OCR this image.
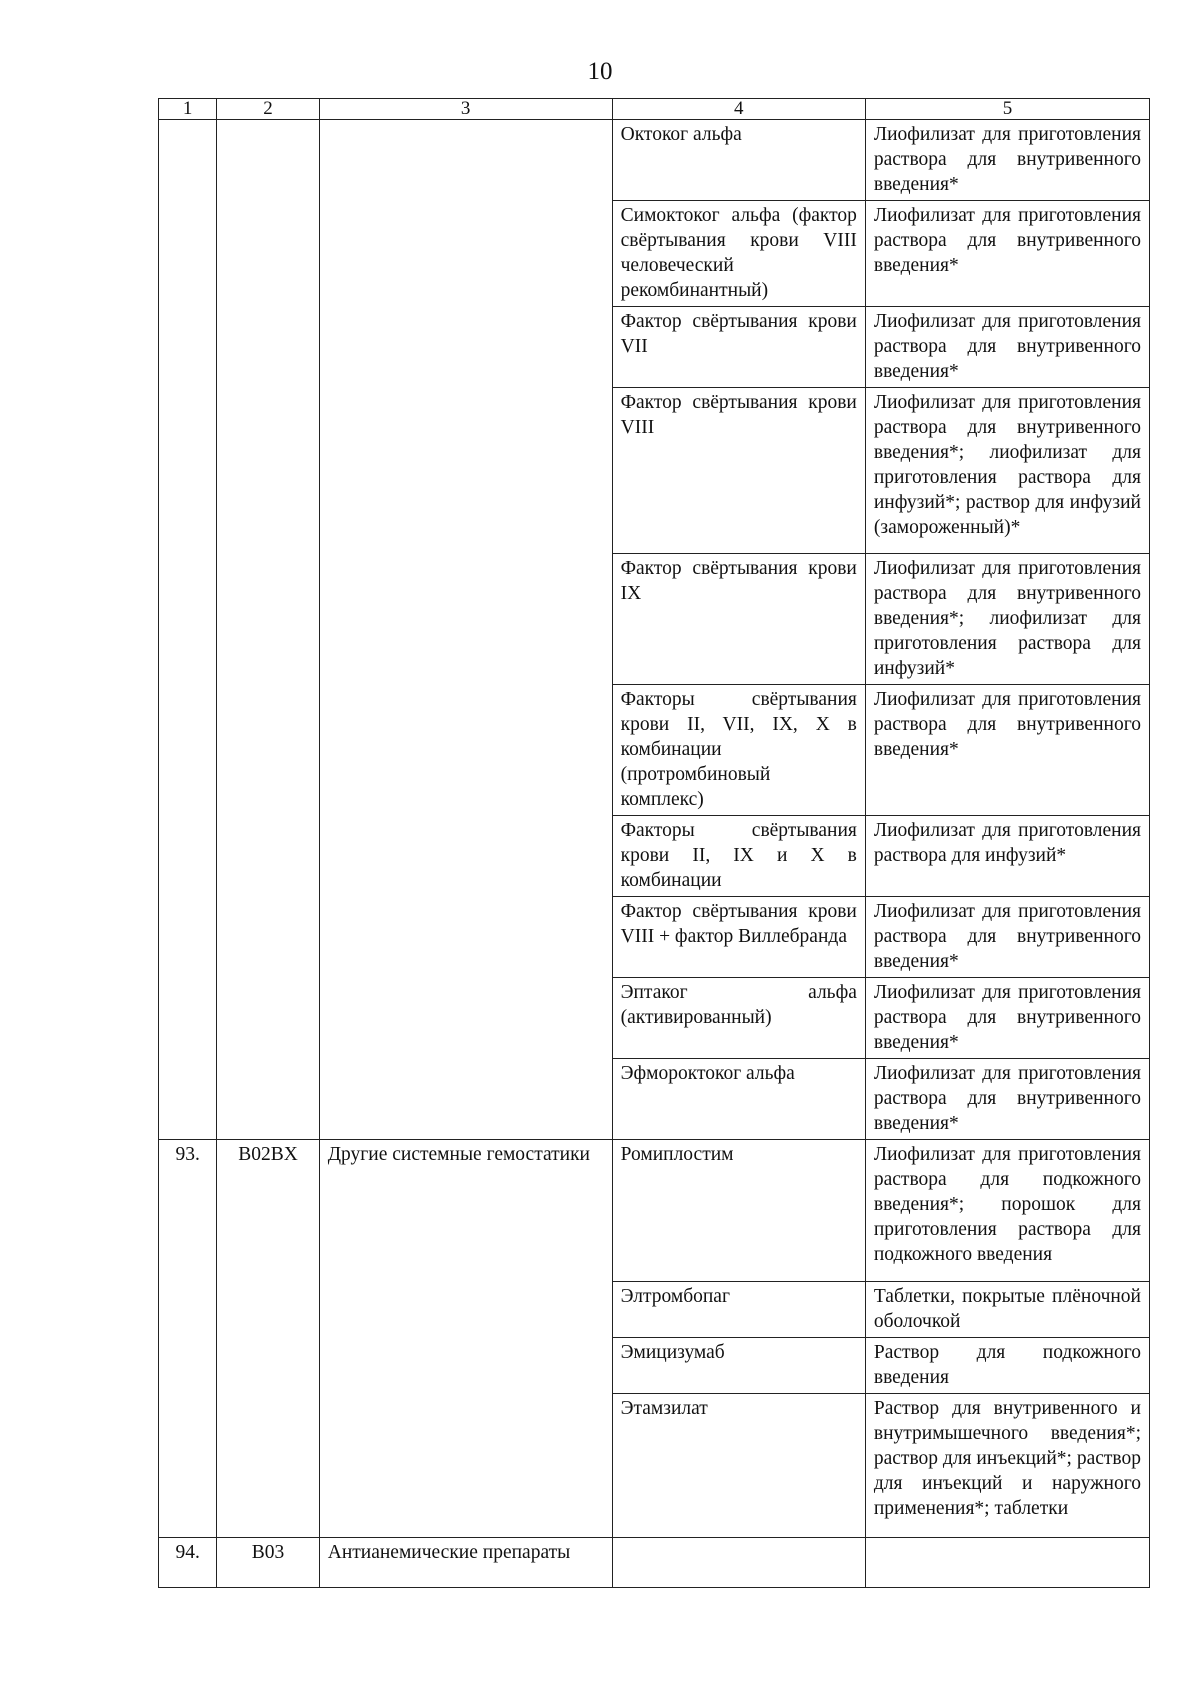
10
1	2	3	4	5
			Октоког альфа	Лиофилизат для приготовления раствора для внутривенного введения*
			Симоктоког альфа (фактор свёртывания крови VIII человеческий рекомбинантный)	Лиофилизат для приготовления раствора для внутривенного введения*
			Фактор свёртывания крови VII	Лиофилизат для приготовления раствора для внутривенного введения*
			Фактор свёртывания крови VIII	Лиофилизат для приготовления раствора для внутривенного введения*; лиофилизат для приготовления раствора для инфузий*; раствор для инфузий (замороженный)*
			Фактор свёртывания крови IX	Лиофилизат для приготовления раствора для внутривенного введения*; лиофилизат для приготовления раствора для инфузий*
			Факторы свёртывания крови II, VII, IX, X в комбинации (протромбиновый комплекс)	Лиофилизат для приготовления раствора для внутривенного введения*
			Факторы свёртывания крови II, IX и X в комбинации	Лиофилизат для приготовления раствора для инфузий*
			Фактор свёртывания крови VIII + фактор Виллебранда	Лиофилизат для приготовления раствора для внутривенного введения*
			Эптаког альфа (активированный)	Лиофилизат для приготовления раствора для внутривенного введения*
			Эфмороктоког альфа	Лиофилизат для приготовления раствора для внутривенного введения*
93.	B02BX	Другие системные гемостатики	Ромиплостим	Лиофилизат для приготовления раствора для подкожного введения*; порошок для приготовления раствора для подкожного введения
			Элтромбопаг	Таблетки, покрытые плёночной оболочкой
			Эмицизумаб	Раствор для подкожного введения
			Этамзилат	Раствор для внутривенного и внутримышечного введения*; раствор для инъекций*; раствор для инъекций и наружного применения*; таблетки
94.	B03	Антианемические препараты		
